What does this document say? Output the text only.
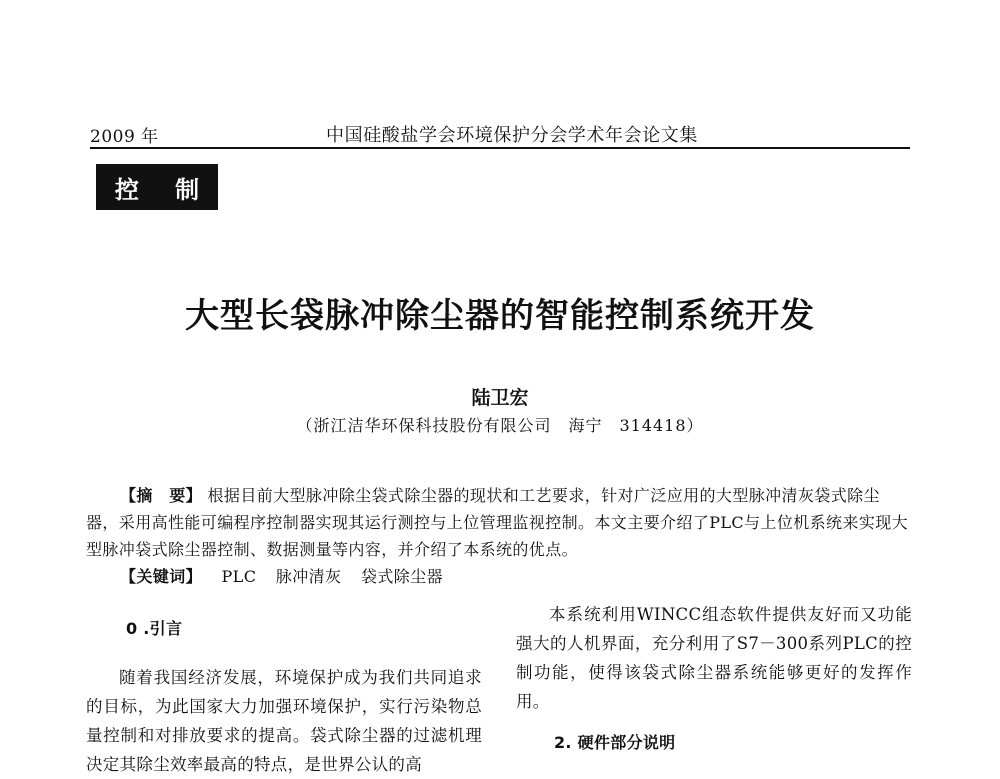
2009 年	中国硅酸盐学会环境保护分会学术年会论文集
控 制
大型长袋脉冲除尘器的智能控制系统开发
陆卫宏
（浙江洁华环保科技股份有限公司　海宁　314418）

【摘　要】 根据目前大型脉冲除尘袋式除尘器的现状和工艺要求，针对广泛应用的大型脉冲清灰袋式除尘器，采用高性能可编程序控制器实现其运行测控与上位管理监视控制。本文主要介绍了PLC与上位机系统来实现大型脉冲袋式除尘器控制、数据测量等内容，并介绍了本系统的优点。

【关键词】 PLC 脉冲清灰 袋式除尘器
0 .引言

随着我国经济发展，环境保护成为我们共同追求的目标，为此国家大力加强环境保护，实行污染物总量控制和对排放要求的提高。袋式除尘器的过滤机理决定其除尘效率最高的特点，是世界公认的高

本系统利用WINCC组态软件提供友好而又功能强大的人机界面，充分利用了S7－300系列PLC的控制功能，使得该袋式除尘器系统能够更好的发挥作用。

2. 硬件部分说明
